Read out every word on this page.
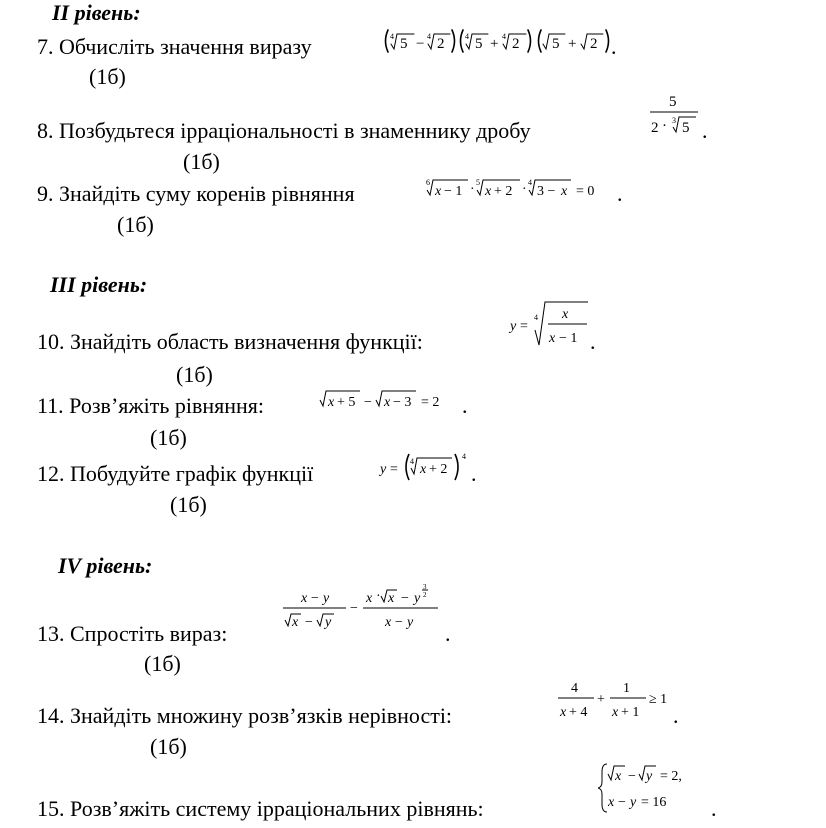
II рівень:
7. Обчисліть значення виразу	4 5 − 4 2	4 5 + 4 2 5 + 2 .
(1б)
8. Позбудьтеся ірраціональності в знаменнику дробу
5
2 · 3 5 .
(1б)
9. Знайдіть суму коренів рівняння	6
x − 1 · 5
x + 2 · 4
3 − x = 0 .
(1б)
III рівень:
10. Знайдіть область визначення функції:
y =
4 x
x − 1 .
(1б)
11. Розв’яжіть рівняння:	x + 5 − x − 3 = 2 .
(1б)
12. Побудуйте графік функції	y =
4
x + 2
4
.
(1б)
IV рівень:
13. Спростіть вираз:
x − y
x − y
−
x · x − y
3
2
x − y .
(1б)
14. Знайдіть множину розв’язків нерівності:
4
x + 4
+
1
x + 1
≥ 1
.
(1б)
15. Розв’яжіть систему ірраціональних рівнянь:
x − y = 2,
x − y = 16 .
